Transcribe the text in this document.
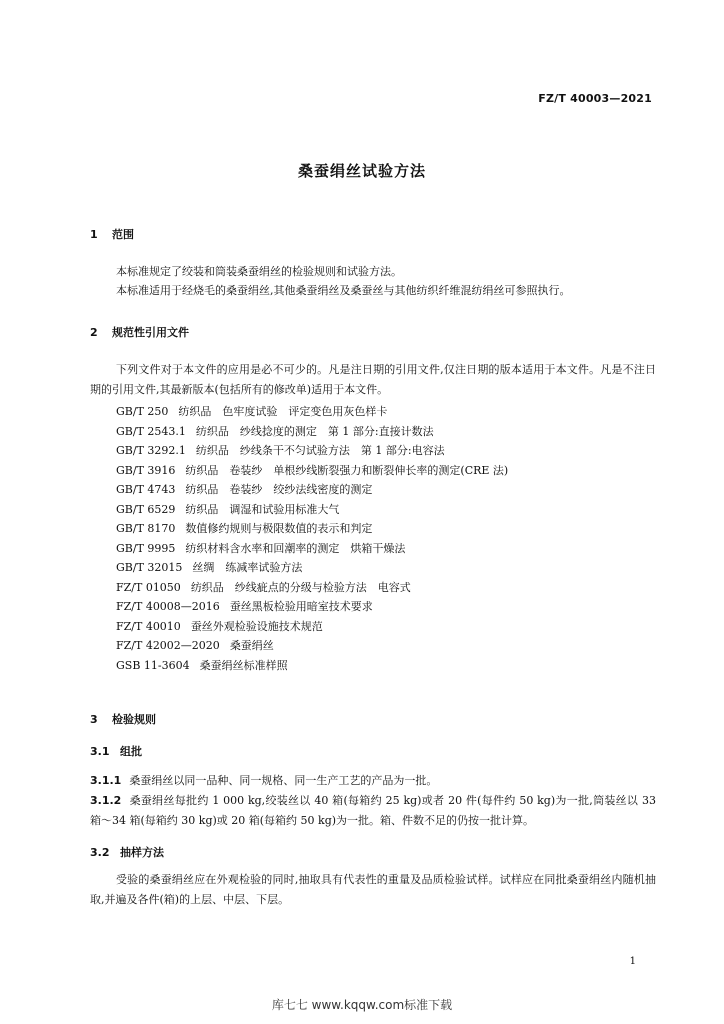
FZ/T 40003—2021
桑蚕绢丝试验方法
1 范围
本标准规定了绞装和筒装桑蚕绢丝的检验规则和试验方法。
本标准适用于经烧毛的桑蚕绢丝,其他桑蚕绢丝及桑蚕丝与其他纺织纤维混纺绢丝可参照执行。
2 规范性引用文件
下列文件对于本文件的应用是必不可少的。凡是注日期的引用文件,仅注日期的版本适用于本文件。凡是不注日期的引用文件,其最新版本(包括所有的修改单)适用于本文件。
GB/T 250 纺织品　色牢度试验　评定变色用灰色样卡
GB/T 2543.1 纺织品　纱线捻度的测定　第 1 部分:直接计数法
GB/T 3292.1 纺织品　纱线条干不匀试验方法　第 1 部分:电容法
GB/T 3916 纺织品　卷装纱　单根纱线断裂强力和断裂伸长率的测定(CRE 法)
GB/T 4743 纺织品　卷装纱　绞纱法线密度的测定
GB/T 6529 纺织品　调湿和试验用标准大气
GB/T 8170 数值修约规则与极限数值的表示和判定
GB/T 9995 纺织材料含水率和回潮率的测定　烘箱干燥法
GB/T 32015 丝绸　练减率试验方法
FZ/T 01050 纺织品　纱线疵点的分级与检验方法　电容式
FZ/T 40008—2016 蚕丝黑板检验用暗室技术要求
FZ/T 40010 蚕丝外观检验设施技术规范
FZ/T 42002—2020 桑蚕绢丝
GSB 11-3604 桑蚕绢丝标准样照
3 检验规则
3.1 组批
3.1.1 桑蚕绢丝以同一品种、同一规格、同一生产工艺的产品为一批。
3.1.2 桑蚕绢丝每批约 1 000 kg,绞装丝以 40 箱(每箱约 25 kg)或者 20 件(每件约 50 kg)为一批,筒装丝以 33 箱～34 箱(每箱约 30 kg)或 20 箱(每箱约 50 kg)为一批。箱、件数不足的仍按一批计算。
3.2 抽样方法
受验的桑蚕绢丝应在外观检验的同时,抽取具有代表性的重量及品质检验试样。试样应在同批桑蚕绢丝内随机抽取,并遍及各件(箱)的上层、中层、下层。
1
库七七 www.kqqw.com标准下载
